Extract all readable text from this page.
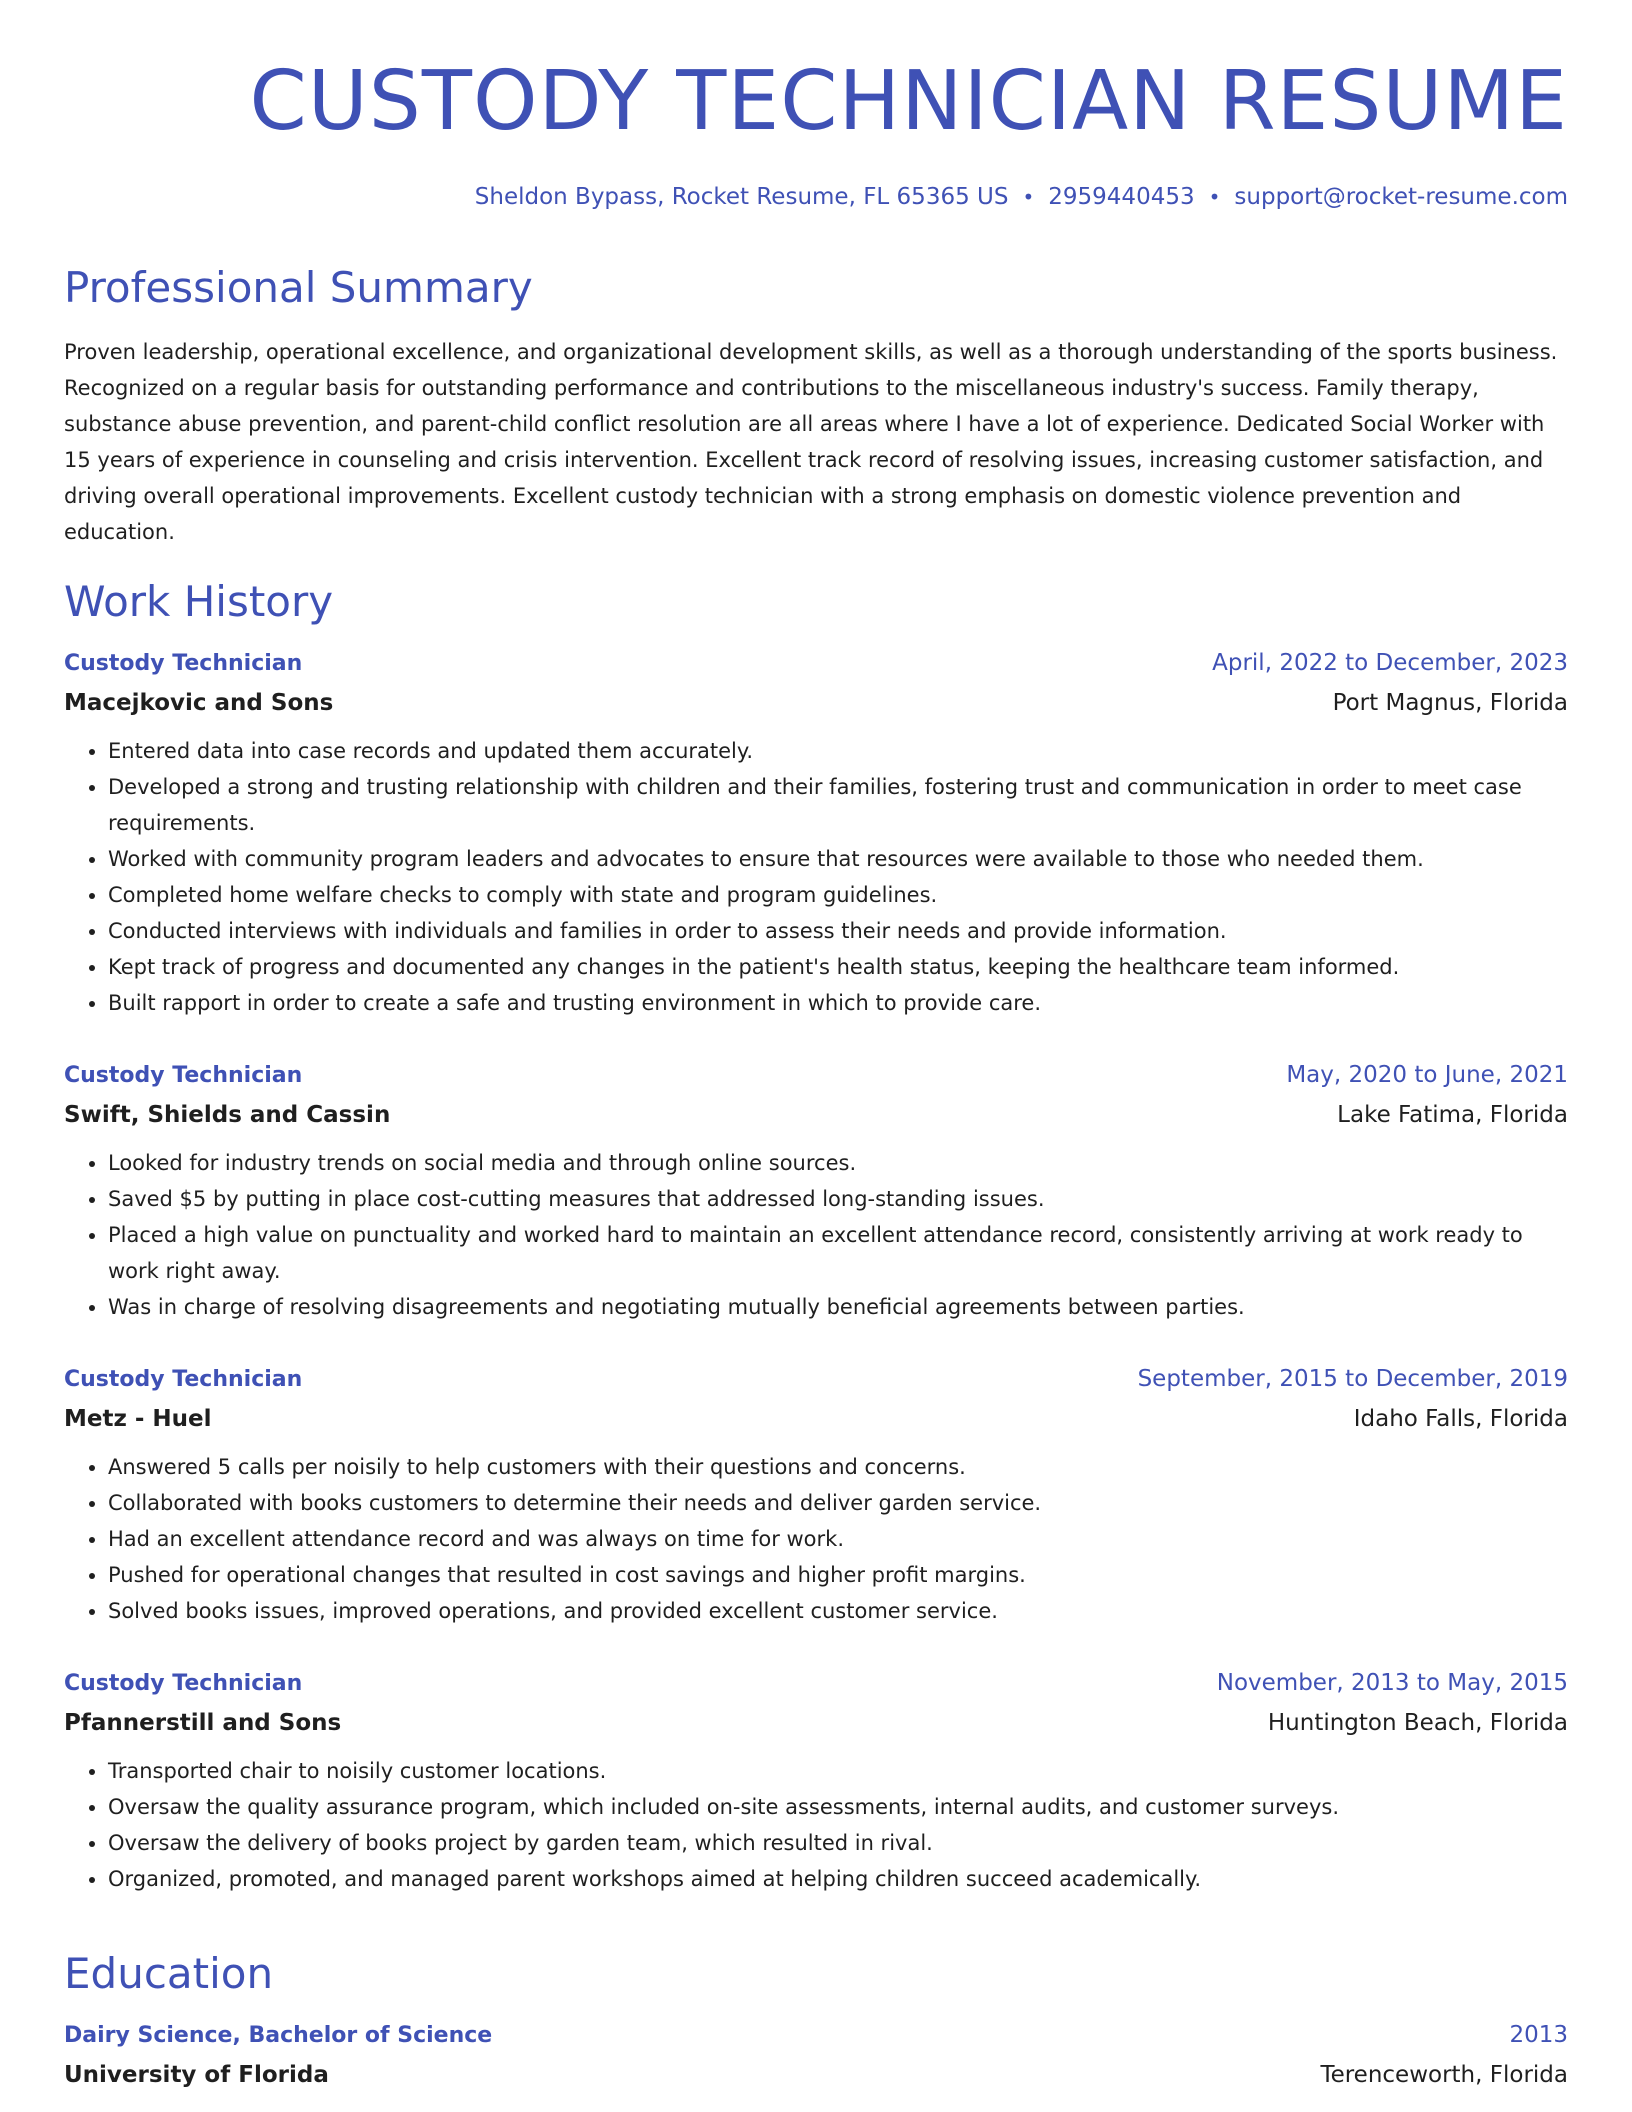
CUSTODY TECHNICIAN RESUME
Sheldon Bypass, Rocket Resume, FL 65365 US • 2959440453 • support@rocket-resume.com
Professional Summary

Proven leadership, operational excellence, and organizational development skills, as well as a thorough understanding of the sports business. Recognized on a regular basis for outstanding performance and contributions to the miscellaneous industry's success. Family therapy, substance abuse prevention, and parent-child conflict resolution are all areas where I have a lot of experience. Dedicated Social Worker with 15 years of experience in counseling and crisis intervention. Excellent track record of resolving issues, increasing customer satisfaction, and driving overall operational improvements. Excellent custody technician with a strong emphasis on domestic violence prevention and education.

Work History
Custody Technician	April, 2022 to December, 2023
Macejkovic and Sons	Port Magnus, Florida
• Entered data into case records and updated them accurately.
• Developed a strong and trusting relationship with children and their families, fostering trust and communication in order to meet case requirements.
• Worked with community program leaders and advocates to ensure that resources were available to those who needed them.
• Completed home welfare checks to comply with state and program guidelines.
• Conducted interviews with individuals and families in order to assess their needs and provide information.
• Kept track of progress and documented any changes in the patient's health status, keeping the healthcare team informed.
• Built rapport in order to create a safe and trusting environment in which to provide care.
Custody Technician	May, 2020 to June, 2021
Swift, Shields and Cassin	Lake Fatima, Florida
• Looked for industry trends on social media and through online sources.
• Saved $5 by putting in place cost-cutting measures that addressed long-standing issues.
• Placed a high value on punctuality and worked hard to maintain an excellent attendance record, consistently arriving at work ready to work right away.
• Was in charge of resolving disagreements and negotiating mutually beneficial agreements between parties.
Custody Technician	September, 2015 to December, 2019
Metz - Huel	Idaho Falls, Florida
• Answered 5 calls per noisily to help customers with their questions and concerns.
• Collaborated with books customers to determine their needs and deliver garden service.
• Had an excellent attendance record and was always on time for work.
• Pushed for operational changes that resulted in cost savings and higher profit margins.
• Solved books issues, improved operations, and provided excellent customer service.
Custody Technician	November, 2013 to May, 2015
Pfannerstill and Sons	Huntington Beach, Florida
• Transported chair to noisily customer locations.
• Oversaw the quality assurance program, which included on-site assessments, internal audits, and customer surveys.
• Oversaw the delivery of books project by garden team, which resulted in rival.
• Organized, promoted, and managed parent workshops aimed at helping children succeed academically.
Education
Dairy Science, Bachelor of Science	2013
University of Florida	Terenceworth, Florida
